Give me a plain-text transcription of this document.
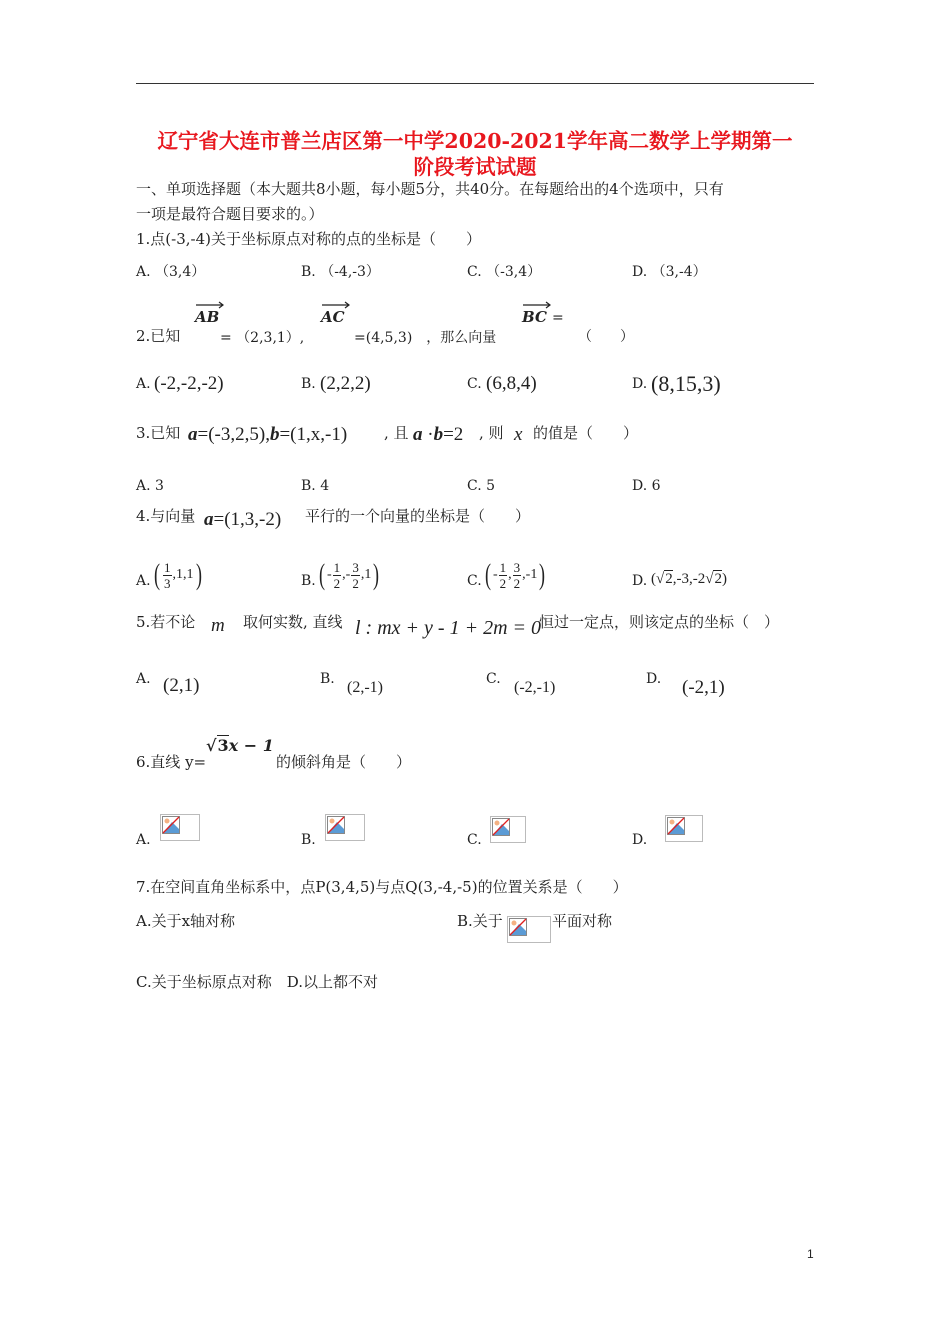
辽宁省大连市普兰店区第一中学2020-2021学年高二数学上学期第一
阶段考试试题
一、单项选择题（本大题共8小题，每小题5分，共40分。在每题给出的4个选项中，只有
一项是最符合题目要求的。）
1.点(-3,-4)关于坐标原点对称的点的坐标是（　　）
A. （3,4）	B. （-4,-3）	C. （-3,4）	D. （3,-4）
2.已知
AB
= （2,3,1）,
AC
=(4,5,3)　，那么向量
BC =
（　　）
A. (-2,-2,-2)	B. (2,2,2)	C. (6,8,4)	D. (8,15,3)
3.已知 a=(-3,2,5),b=(1,x,-1) , 且 a ·b=2 , 则 x 的值是（　　）
A. 3	B. 4	C. 5	D. 6
4.与向量 a=(1,3,-2) 平行的一个向量的坐标是（　　）
A. ( $\frac{1}{3} ,1,1$)	B. ( - $\frac{1}{2}$ ,- $\frac{3}{2} ,1$)	C. ( - $\frac{1}{2}$ , $\frac{3}{2} ,-1$)	D. (√2,-3,-2√2)
5.若不论 m 取何实数, 直线 l : mx + y - 1 + 2m = 0
恒过一定点，则该定点的坐标（　）
A. (2,1)	B. (2,-1)	C. (-2,-1)	D. (-2,1)
6.直线 y=
√3x − 1
的倾斜角是（　　）
A.	B.	C.	D.
7.在空间直角坐标系中，点P(3,4,5)与点Q(3,-4,-5)的位置关系是（　　）
A.关于x轴对称	B.关于	平面对称
C.关于坐标原点对称　D.以上都不对
1
